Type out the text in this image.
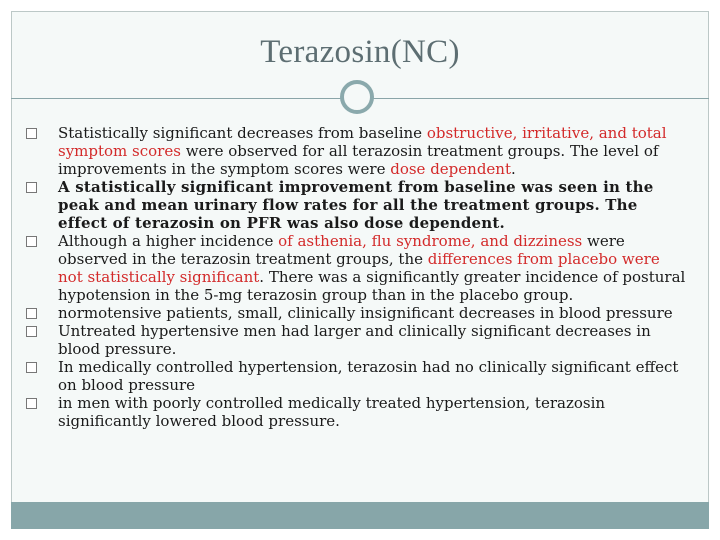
Terazosin(NC)
Statistically significant decreases from baseline obstructive, irritative, and total symptom scores were observed for all terazosin treatment groups. The level of improvements in the symptom scores were dose dependent.
A statistically significant improvement from baseline was seen in the peak and mean urinary flow rates for all the treatment groups. The effect of terazosin on PFR was also dose dependent.
Although a higher incidence of asthenia, flu syndrome, and dizziness were observed in the terazosin treatment groups, the differences from placebo were not statistically significant. There was a significantly greater incidence of postural hypotension in the 5-mg terazosin group than in the placebo group.
normotensive patients, small, clinically insignificant decreases in blood pressure
Untreated hypertensive men had larger and clinically significant decreases in blood pressure.
In medically controlled hypertension, terazosin had no clinically significant effect on blood pressure
in men with poorly controlled medically treated hypertension, terazosin significantly lowered blood pressure.
